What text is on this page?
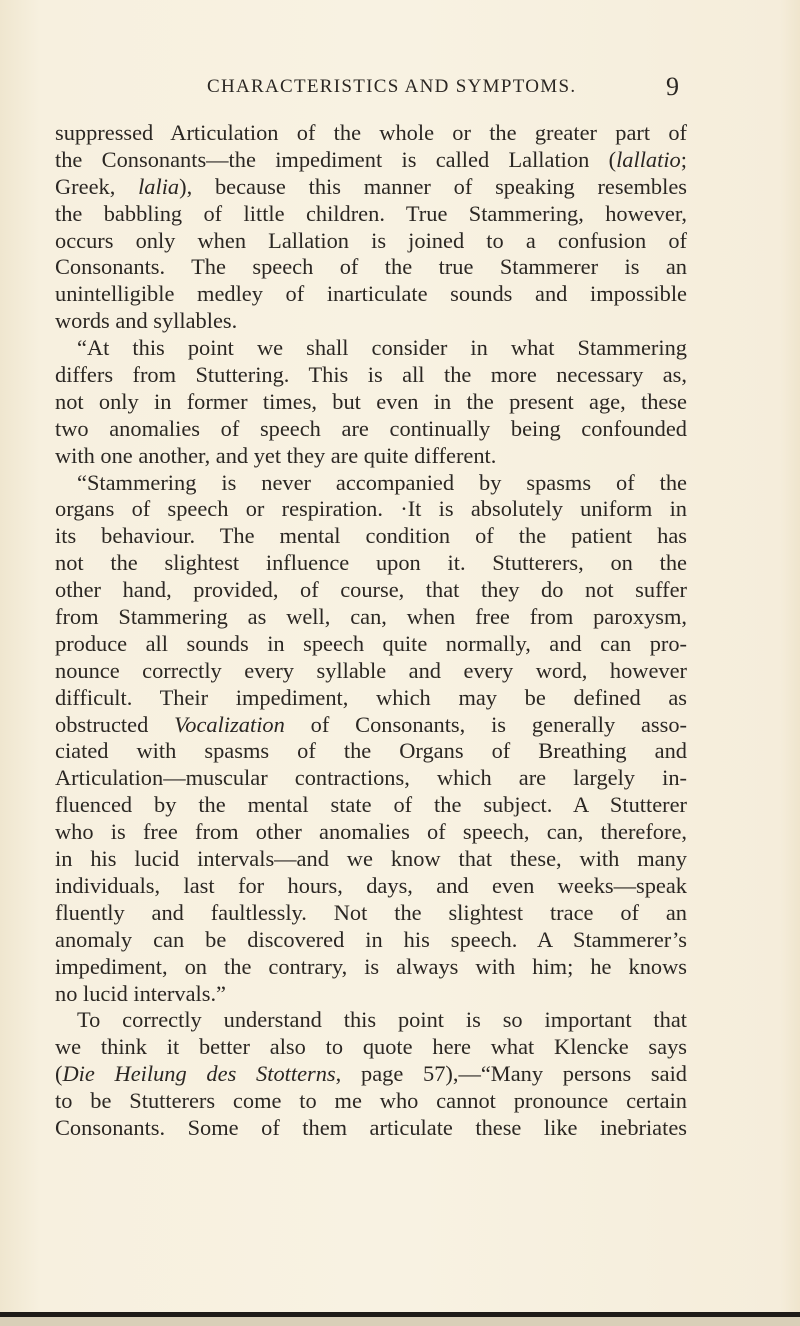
CHARACTERISTICS AND SYMPTOMS.	9
suppressed Articulation of the whole or the greater part of
the Consonants—the impediment is called Lallation (lallatio;
Greek, lalia), because this manner of speaking resembles
the babbling of little children. True Stammering, however,
occurs only when Lallation is joined to a confusion of
Consonants. The speech of the true Stammerer is an
unintelligible medley of inarticulate sounds and impossible
words and syllables.
“At this point we shall consider in what Stammering
differs from Stuttering. This is all the more necessary as,
not only in former times, but even in the present age, these
two anomalies of speech are continually being confounded
with one another, and yet they are quite different.
“Stammering is never accompanied by spasms of the
organs of speech or respiration. ·It is absolutely uniform in
its behaviour. The mental condition of the patient has
not the slightest influence upon it. Stutterers, on the
other hand, provided, of course, that they do not suffer
from Stammering as well, can, when free from paroxysm,
produce all sounds in speech quite normally, and can pro-
nounce correctly every syllable and every word, however
difficult. Their impediment, which may be defined as
obstructed Vocalization of Consonants, is generally asso-
ciated with spasms of the Organs of Breathing and
Articulation—muscular contractions, which are largely in-
fluenced by the mental state of the subject. A Stutterer
who is free from other anomalies of speech, can, therefore,
in his lucid intervals—and we know that these, with many
individuals, last for hours, days, and even weeks—speak
fluently and faultlessly. Not the slightest trace of an
anomaly can be discovered in his speech. A Stammerer’s
impediment, on the contrary, is always with him; he knows
no lucid intervals.”
To correctly understand this point is so important that
we think it better also to quote here what Klencke says
(Die Heilung des Stotterns, page 57),—“Many persons said
to be Stutterers come to me who cannot pronounce certain
Consonants. Some of them articulate these like inebriates
